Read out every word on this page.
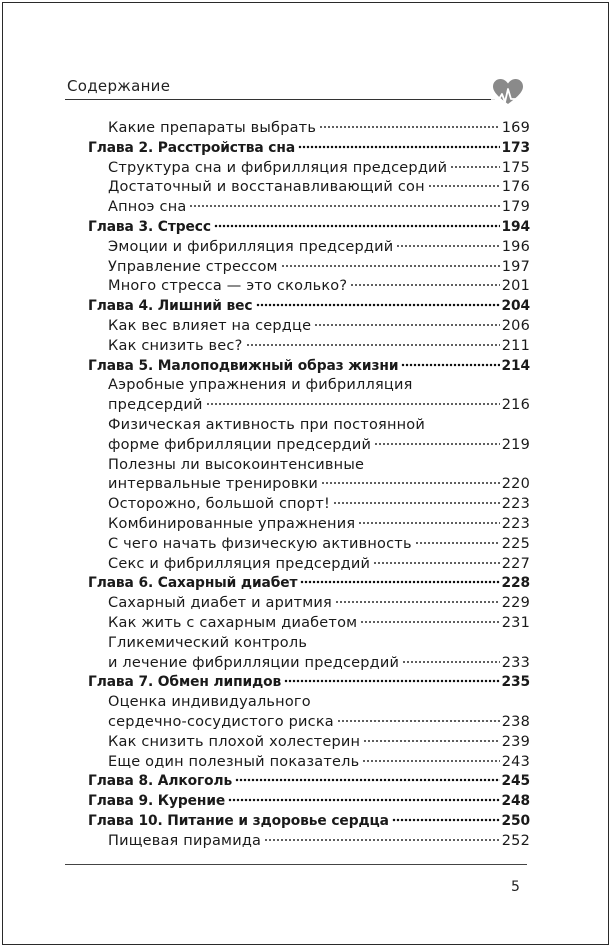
Содержание
Какие препараты выбрать	169
Глава 2. Расстройства сна	173
Структура сна и фибрилляция предсердий	175
Достаточный и восстанавливающий сон	176
Апноэ сна	179
Глава 3. Стресс	194
Эмоции и фибрилляция предсердий	196
Управление стрессом	197
Много стресса — это сколько?	201
Глава 4. Лишний вес	204
Как вес влияет на сердце	206
Как снизить вес?	211
Глава 5. Малоподвижный образ жизни	214
Аэробные упражнения и фибрилляция
предсердий	216
Физическая активность при постоянной
форме фибрилляции предсердий	219
Полезны ли высокоинтенсивные
интервальные тренировки	220
Осторожно, большой спорт!	223
Комбинированные упражнения	223
С чего начать физическую активность	225
Секс и фибрилляция предсердий	227
Глава 6. Сахарный диабет	228
Сахарный диабет и аритмия	229
Как жить с сахарным диабетом	231
Гликемический контроль
и лечение фибрилляции предсердий	233
Глава 7. Обмен липидов	235
Оценка индивидуального
сердечно-сосудистого риска	238
Как снизить плохой холестерин	239
Еще один полезный показатель	243
Глава 8. Алкоголь	245
Глава 9. Курение	248
Глава 10. Питание и здоровье сердца	250
Пищевая пирамида	252
5
